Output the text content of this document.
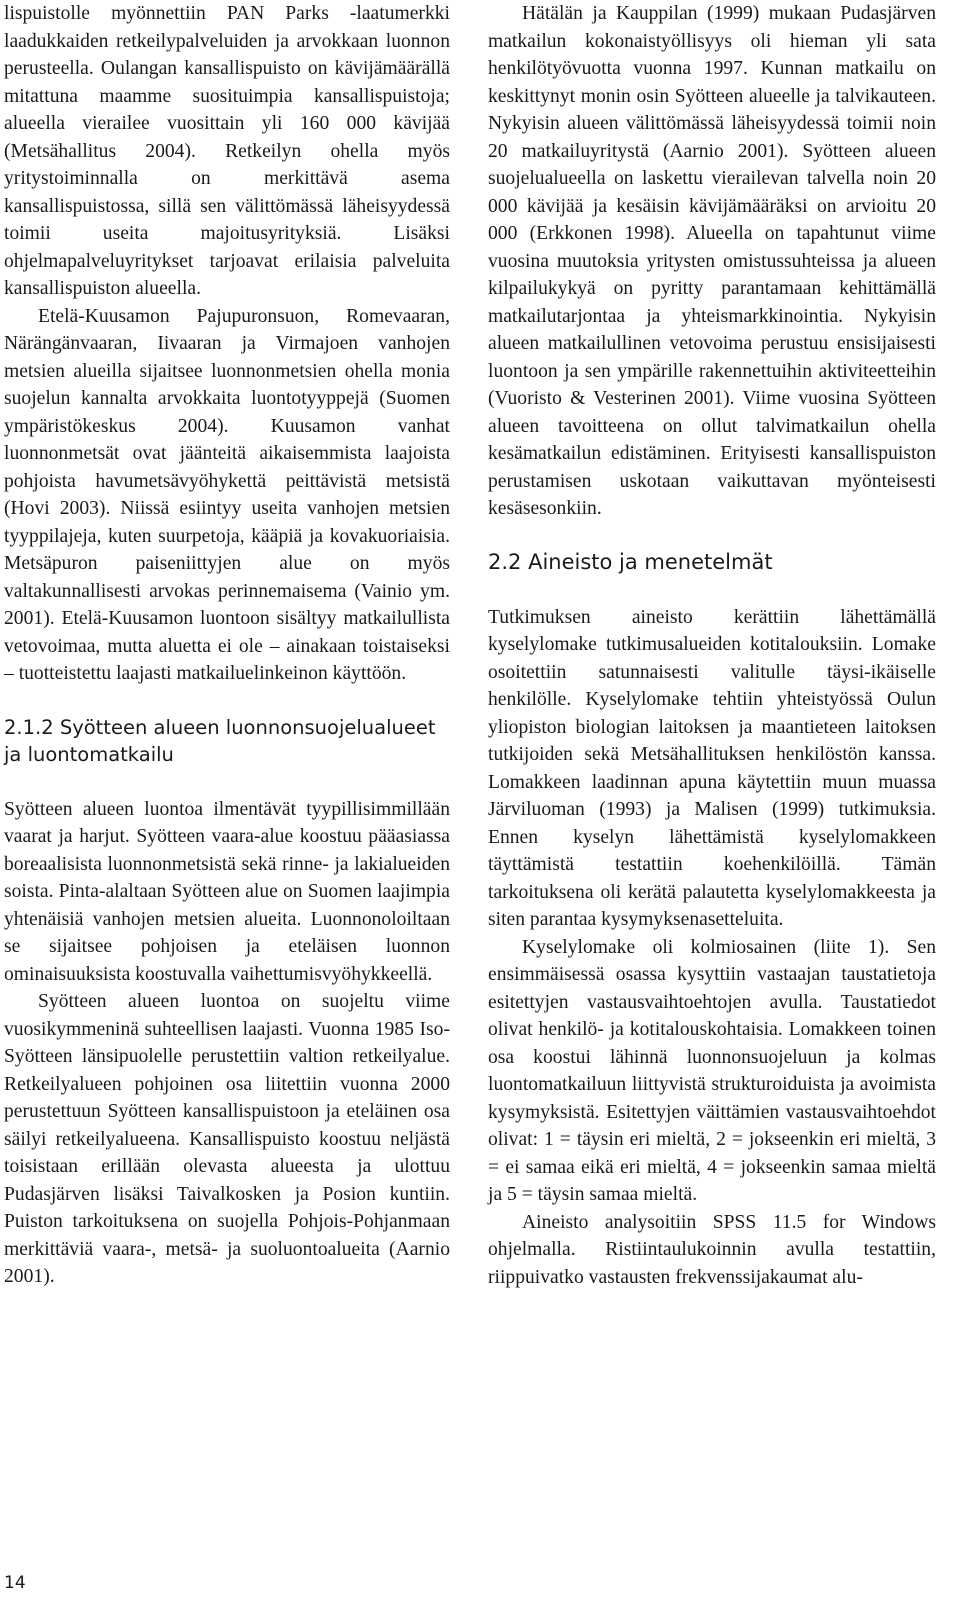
lispuistolle myönnettiin PAN Parks -laatumerkki laadukkaiden retkeilypalveluiden ja arvokkaan luonnon perusteella. Oulangan kansallispuisto on kävijämäärällä mitattuna maamme suosituimpia kansallispuistoja; alueella vierailee vuosittain yli 160 000 kävijää (Metsähallitus 2004). Retkeilyn ohella myös yritystoiminnalla on merkittävä asema kansallispuistossa, sillä sen välittömässä läheisyydessä toimii useita majoitusyrityksiä. Lisäksi ohjelmapalveluyritykset tarjoavat erilaisia palveluita kansallispuiston alueella.

Etelä-Kuusamon Pajupuronsuon, Romevaaran, Närängänvaaran, Iivaaran ja Virmajoen vanhojen metsien alueilla sijaitsee luonnonmetsien ohella monia suojelun kannalta arvokkaita luontotyyppejä (Suomen ympäristökeskus 2004). Kuusamon vanhat luonnonmetsät ovat jäänteitä aikaisemmista laajoista pohjoista havumetsävyöhykettä peittävistä metsistä (Hovi 2003). Niissä esiintyy useita vanhojen metsien tyyppilajeja, kuten suurpetoja, kääpiä ja kovakuoriaisia. Metsäpuron paiseniittyjen alue on myös valtakunnallisesti arvokas perinnemaisema (Vainio ym. 2001). Etelä-Kuusamon luontoon sisältyy matkailullista vetovoimaa, mutta aluetta ei ole – ainakaan toistaiseksi – tuotteistettu laajasti matkailuelinkeinon käyttöön.

2.1.2 Syötteen alueen luonnonsuojelualueet ja luontomatkailu

Syötteen alueen luontoa ilmentävät tyypillisimmillään vaarat ja harjut. Syötteen vaara-alue koostuu pääasiassa boreaalisista luonnonmetsistä sekä rinne- ja lakialueiden soista. Pinta-alaltaan Syötteen alue on Suomen laajimpia yhtenäisiä vanhojen metsien alueita. Luonnonoloiltaan se sijaitsee pohjoisen ja eteläisen luonnon ominaisuuksista koostuvalla vaihettumisvyöhykkeellä.

Syötteen alueen luontoa on suojeltu viime vuosikymmeninä suhteellisen laajasti. Vuonna 1985 Iso-Syötteen länsipuolelle perustettiin valtion retkeilyalue. Retkeilyalueen pohjoinen osa liitettiin vuonna 2000 perustettuun Syötteen kansallispuistoon ja eteläinen osa säilyi retkeilyalueena. Kansallispuisto koostuu neljästä toisistaan erillään olevasta alueesta ja ulottuu Pudasjärven lisäksi Taivalkosken ja Posion kuntiin. Puiston tarkoituksena on suojella Pohjois-Pohjanmaan merkittäviä vaara-, metsä- ja suoluontoalueita (Aarnio 2001).

Hätälän ja Kauppilan (1999) mukaan Pudasjärven matkailun kokonaistyöllisyys oli hieman yli sata henkilötyövuotta vuonna 1997. Kunnan matkailu on keskittynyt monin osin Syötteen alueelle ja talvikauteen. Nykyisin alueen välittömässä läheisyydessä toimii noin 20 matkailuyritystä (Aarnio 2001). Syötteen alueen suojelualueella on laskettu vierailevan talvella noin 20 000 kävijää ja kesäisin kävijämääräksi on arvioitu 20 000 (Erkkonen 1998). Alueella on tapahtunut viime vuosina muutoksia yritysten omistussuhteissa ja alueen kilpailukykyä on pyritty parantamaan kehittämällä matkailutarjontaa ja yhteismarkkinointia. Nykyisin alueen matkailullinen vetovoima perustuu ensisijaisesti luontoon ja sen ympärille rakennettuihin aktiviteetteihin (Vuoristo & Vesterinen 2001). Viime vuosina Syötteen alueen tavoitteena on ollut talvimatkailun ohella kesämatkailun edistäminen. Erityisesti kansallispuiston perustamisen uskotaan vaikuttavan myönteisesti kesäsesonkiin.

2.2 Aineisto ja menetelmät

Tutkimuksen aineisto kerättiin lähettämällä kyselylomake tutkimusalueiden kotitalouksiin. Lomake osoitettiin satunnaisesti valitulle täysi-ikäiselle henkilölle. Kyselylomake tehtiin yhteistyössä Oulun yliopiston biologian laitoksen ja maantieteen laitoksen tutkijoiden sekä Metsähallituksen henkilöstön kanssa. Lomakkeen laadinnan apuna käytettiin muun muassa Järviluoman (1993) ja Malisen (1999) tutkimuksia. Ennen kyselyn lähettämistä kyselylomakkeen täyttämistä testattiin koehenkilöillä. Tämän tarkoituksena oli kerätä palautetta kyselylomakkeesta ja siten parantaa kysymyksenasetteluita.

Kyselylomake oli kolmiosainen (liite 1). Sen ensimmäisessä osassa kysyttiin vastaajan taustatietoja esitettyjen vastausvaihtoehtojen avulla. Taustatiedot olivat henkilö- ja kotitalouskohtaisia. Lomakkeen toinen osa koostui lähinnä luonnonsuojeluun ja kolmas luontomatkailuun liittyvistä strukturoiduista ja avoimista kysymyksistä. Esitettyjen väittämien vastausvaihtoehdot olivat: 1 = täysin eri mieltä, 2 = jokseenkin eri mieltä, 3 = ei samaa eikä eri mieltä, 4 = jokseenkin samaa mieltä ja 5 = täysin samaa mieltä.

Aineisto analysoitiin SPSS 11.5 for Windows ohjelmalla. Ristiintaulukoinnin avulla testattiin, riippuivatko vastausten frekvenssijakaumat alu-

14
